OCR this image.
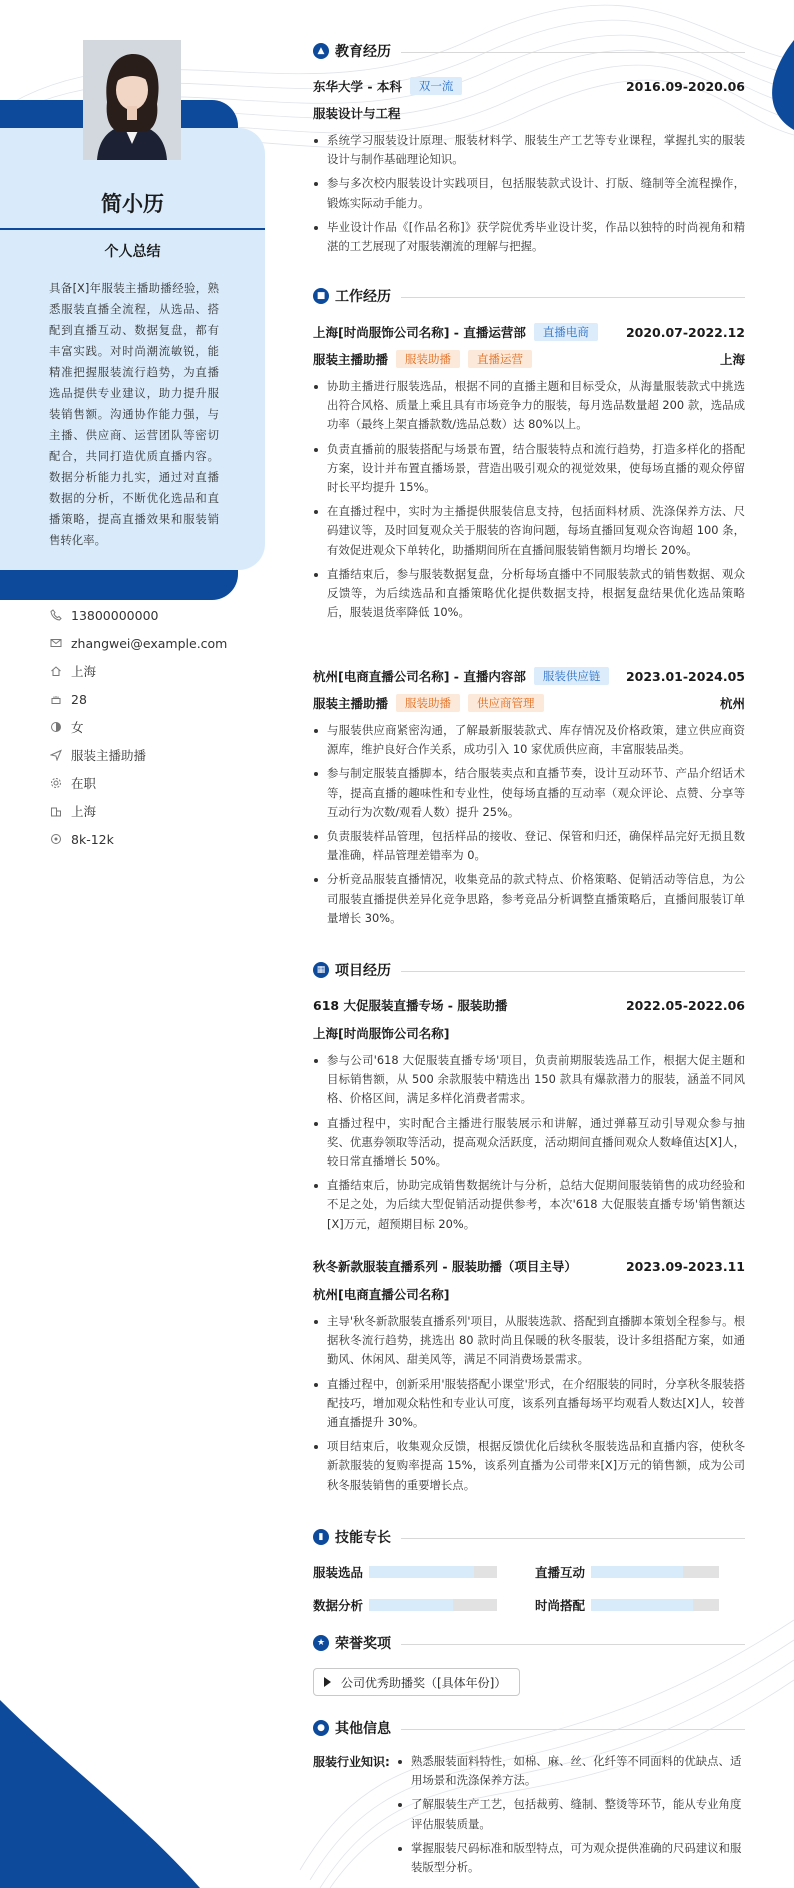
简小历
个人总结
具备[X]年服装主播助播经验，熟悉服装直播全流程，从选品、搭配到直播互动、数据复盘，都有丰富实践。对时尚潮流敏锐，能精准把握服装流行趋势，为直播选品提供专业建议，助力提升服装销售额。沟通协作能力强，与主播、供应商、运营团队等密切配合，共同打造优质直播内容。数据分析能力扎实，通过对直播数据的分析，不断优化选品和直播策略，提高直播效果和服装销售转化率。
13800000000
zhangwei@example.com
上海
28
女
服装主播助播
在职
上海
8k-12k
▲ 教育经历
东华大学 - 本科	双一流	2016.09-2020.06
服装设计与工程
系统学习服装设计原理、服装材料学、服装生产工艺等专业课程，掌握扎实的服装设计与制作基础理论知识。
参与多次校内服装设计实践项目，包括服装款式设计、打版、缝制等全流程操作，锻炼实际动手能力。
毕业设计作品《[作品名称]》获学院优秀毕业设计奖，作品以独特的时尚视角和精湛的工艺展现了对服装潮流的理解与把握。
■ 工作经历
上海[时尚服饰公司名称] - 直播运营部	直播电商	2020.07-2022.12
服装主播助播	服装助播	直播运营	上海
协助主播进行服装选品，根据不同的直播主题和目标受众，从海量服装款式中挑选出符合风格、质量上乘且具有市场竞争力的服装，每月选品数量超 200 款，选品成功率（最终上架直播款数/选品总数）达 80%以上。
负责直播前的服装搭配与场景布置，结合服装特点和流行趋势，打造多样化的搭配方案，设计并布置直播场景，营造出吸引观众的视觉效果，使每场直播的观众停留时长平均提升 15%。
在直播过程中，实时为主播提供服装信息支持，包括面料材质、洗涤保养方法、尺码建议等，及时回复观众关于服装的咨询问题，每场直播回复观众咨询超 100 条，有效促进观众下单转化，助播期间所在直播间服装销售额月均增长 20%。
直播结束后，参与服装数据复盘，分析每场直播中不同服装款式的销售数据、观众反馈等，为后续选品和直播策略优化提供数据支持，根据复盘结果优化选品策略后，服装退货率降低 10%。
杭州[电商直播公司名称] - 直播内容部	服装供应链	2023.01-2024.05
服装主播助播	服装助播	供应商管理	杭州
与服装供应商紧密沟通，了解最新服装款式、库存情况及价格政策，建立供应商资源库，维护良好合作关系，成功引入 10 家优质供应商，丰富服装品类。
参与制定服装直播脚本，结合服装卖点和直播节奏，设计互动环节、产品介绍话术等，提高直播的趣味性和专业性，使每场直播的互动率（观众评论、点赞、分享等互动行为次数/观看人数）提升 25%。
负责服装样品管理，包括样品的接收、登记、保管和归还，确保样品完好无损且数量准确，样品管理差错率为 0。
分析竞品服装直播情况，收集竞品的款式特点、价格策略、促销活动等信息，为公司服装直播提供差异化竞争思路，参考竞品分析调整直播策略后，直播间服装订单量增长 30%。
▦ 项目经历
618 大促服装直播专场 - 服装助播	2022.05-2022.06
上海[时尚服饰公司名称]
参与公司'618 大促服装直播专场'项目，负责前期服装选品工作，根据大促主题和目标销售额，从 500 余款服装中精选出 150 款具有爆款潜力的服装，涵盖不同风格、价格区间，满足多样化消费者需求。
直播过程中，实时配合主播进行服装展示和讲解，通过弹幕互动引导观众参与抽奖、优惠券领取等活动，提高观众活跃度，活动期间直播间观众人数峰值达[X]人，较日常直播增长 50%。
直播结束后，协助完成销售数据统计与分析，总结大促期间服装销售的成功经验和不足之处，为后续大型促销活动提供参考，本次'618 大促服装直播专场'销售额达[X]万元，超预期目标 20%。
秋冬新款服装直播系列 - 服装助播（项目主导）	2023.09-2023.11
杭州[电商直播公司名称]
主导'秋冬新款服装直播系列'项目，从服装选款、搭配到直播脚本策划全程参与。根据秋冬流行趋势，挑选出 80 款时尚且保暖的秋冬服装，设计多组搭配方案，如通勤风、休闲风、甜美风等，满足不同消费场景需求。
直播过程中，创新采用'服装搭配小课堂'形式，在介绍服装的同时，分享秋冬服装搭配技巧，增加观众粘性和专业认可度，该系列直播每场平均观看人数达[X]人，较普通直播提升 30%。
项目结束后，收集观众反馈，根据反馈优化后续秋冬服装选品和直播内容，使秋冬新款服装的复购率提高 15%，该系列直播为公司带来[X]万元的销售额，成为公司秋冬服装销售的重要增长点。
▮ 技能专长
服装选品	直播互动
数据分析	时尚搭配
★ 荣誉奖项
公司优秀助播奖（[具体年份]）
● 其他信息
服装行业知识:	熟悉服装面料特性，如棉、麻、丝、化纤等不同面料的优缺点、适用场景和洗涤保养方法。
了解服装生产工艺，包括裁剪、缝制、整烫等环节，能从专业角度评估服装质量。
掌握服装尺码标准和版型特点，可为观众提供准确的尺码建议和服装版型分析。
